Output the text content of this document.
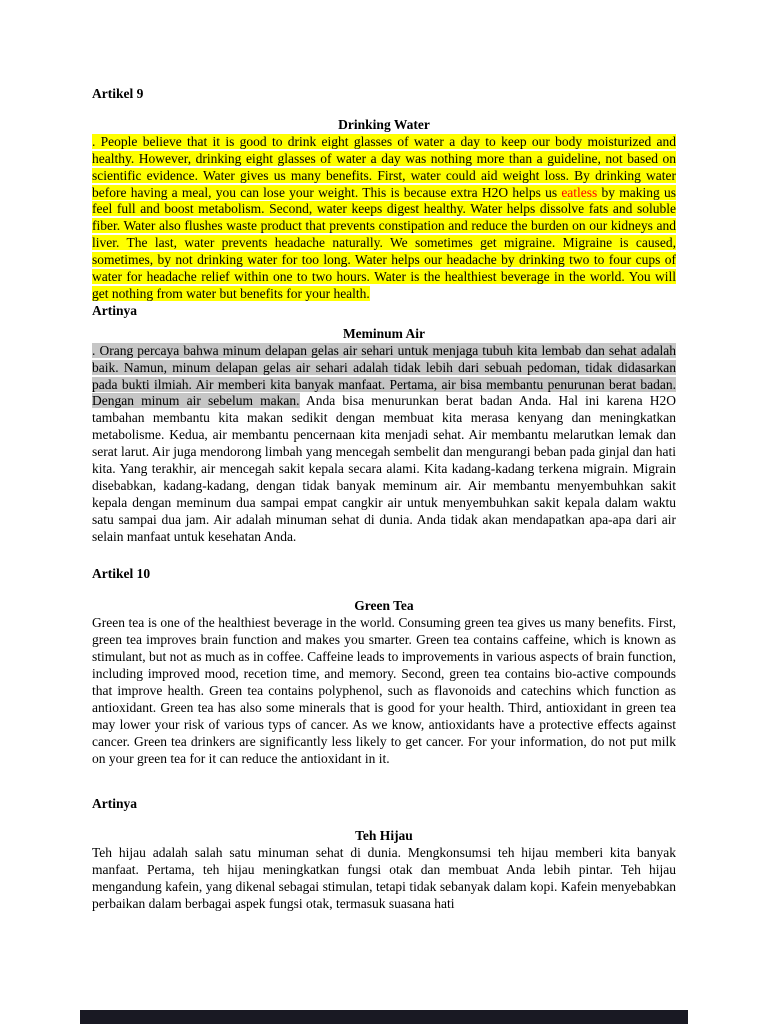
Artikel 9

Drinking Water

. People believe that it is good to drink eight glasses of water a day to keep our body moisturized and healthy. However, drinking eight glasses of water a day was nothing more than a guideline, not based on scientific evidence. Water gives us many benefits. First, water could aid weight loss. By drinking water before having a meal, you can lose your weight. This is because extra H2O helps us eatless by making us feel full and boost metabolism. Second, water keeps digest healthy. Water helps dissolve fats and soluble fiber. Water also flushes waste product that prevents constipation and reduce the burden on our kidneys and liver. The last, water prevents headache naturally. We sometimes get migraine. Migraine is caused, sometimes, by not drinking water for too long. Water helps our headache by drinking two to four cups of water for headache relief within one to two hours. Water is the healthiest beverage in the world. You will get nothing from water but benefits for your health.

Artinya

Meminum Air

. Orang percaya bahwa minum delapan gelas air sehari untuk menjaga tubuh kita lembab dan sehat adalah baik. Namun, minum delapan gelas air sehari adalah tidak lebih dari sebuah pedoman, tidak didasarkan pada bukti ilmiah. Air memberi kita banyak manfaat. Pertama, air bisa membantu penurunan berat badan. Dengan minum air sebelum makan. Anda bisa menurunkan berat badan Anda. Hal ini karena H2O tambahan membantu kita makan sedikit dengan membuat kita merasa kenyang dan meningkatkan metabolisme. Kedua, air membantu pencernaan kita menjadi sehat. Air membantu melarutkan lemak dan serat larut. Air juga mendorong limbah yang mencegah sembelit dan mengurangi beban pada ginjal dan hati kita. Yang terakhir, air mencegah sakit kepala secara alami. Kita kadang-kadang terkena migrain. Migrain disebabkan, kadang-kadang, dengan tidak banyak meminum air. Air membantu menyembuhkan sakit kepala dengan meminum dua sampai empat cangkir air untuk menyembuhkan sakit kepala dalam waktu satu sampai dua jam. Air adalah minuman sehat di dunia. Anda tidak akan mendapatkan apa-apa dari air selain manfaat untuk kesehatan Anda.

Artikel 10

Green Tea

Green tea is one of the healthiest beverage in the world. Consuming green tea gives us many benefits. First, green tea improves brain function and makes you smarter. Green tea contains caffeine, which is known as stimulant, but not as much as in coffee. Caffeine leads to improvements in various aspects of brain function, including improved mood, recetion time, and memory. Second, green tea contains bio-active compounds that improve health. Green tea contains polyphenol, such as flavonoids and catechins which function as antioxidant. Green tea has also some minerals that is good for your health. Third, antioxidant in green tea may lower your risk of various typs of cancer. As we know, antioxidants have a protective effects against cancer. Green tea drinkers are significantly less likely to get cancer. For your information, do not put milk on your green tea for it can reduce the antioxidant in it.

Artinya

Teh Hijau

Teh hijau adalah salah satu minuman sehat di dunia. Mengkonsumsi teh hijau memberi kita banyak manfaat. Pertama, teh hijau meningkatkan fungsi otak dan membuat Anda lebih pintar. Teh hijau mengandung kafein, yang dikenal sebagai stimulan, tetapi tidak sebanyak dalam kopi. Kafein menyebabkan perbaikan dalam berbagai aspek fungsi otak, termasuk suasana hati
